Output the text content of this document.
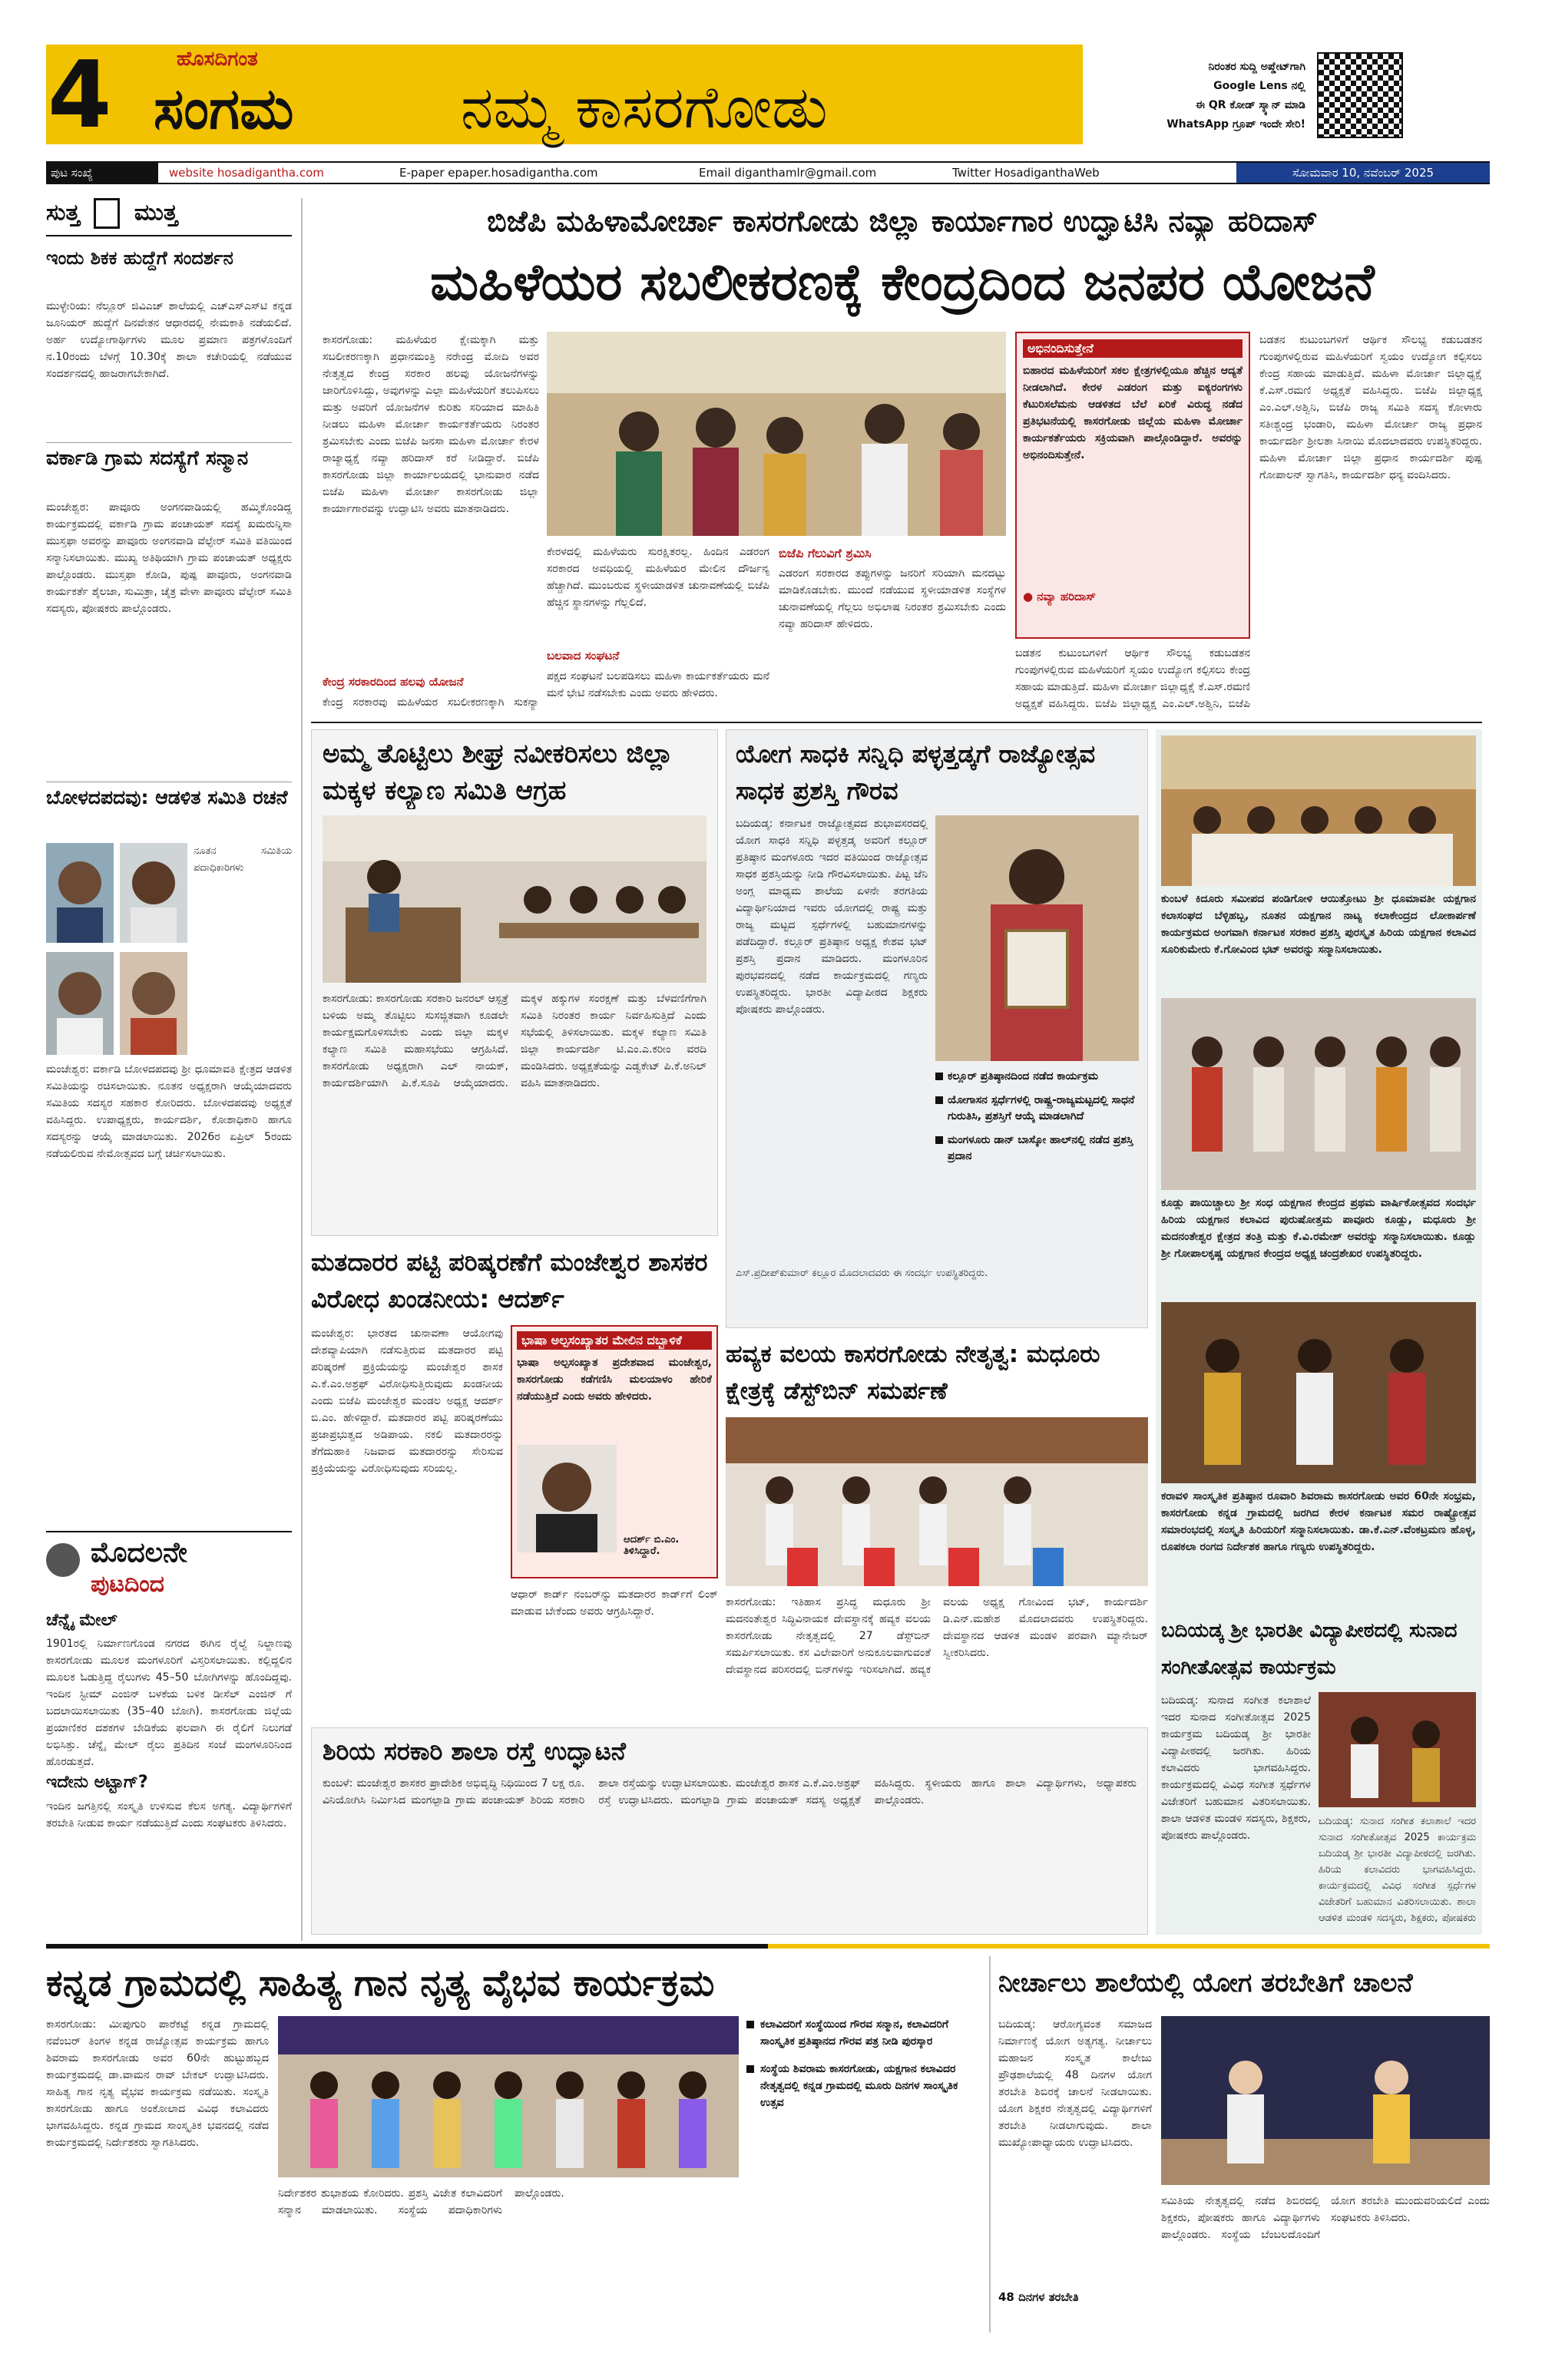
4	ಹೊಸದಿಗಂತ
ಸಂಗಮ	ನಮ್ಮ ಕಾಸರಗೋಡು
ನಿರಂತರ ಸುದ್ದಿ ಅಪ್ಡೇಟ್‌ಗಾಗಿ
Google Lens ನಲ್ಲಿ
ಈ QR ಕೋಡ್ ಸ್ಕ್ಯಾನ್ ಮಾಡಿ
WhatsApp ಗ್ರೂಪ್ ಇಂದೇ ಸೇರಿ!
ಪುಟ ಸಂಖ್ಯೆ	website hosadigantha.com	E-paper epaper.hosadigantha.com	Email diganthamlr@gmail.com	Twitter HosadiganthaWeb	ಸೋಮವಾರ 10, ನವೆಂಬರ್ 2025
ಸುತ್ತ ಮುತ್ತ
ಇಂದು ಶಿಕಕ ಹುದ್ದೆಗೆ ಸಂದರ್ಶನ
ಮುಳ್ಳೇರಿಯ: ನೆಲ್ಲೂರ್ ಜಿವಿಎಚ್ ಶಾಲೆಯಲ್ಲಿ ಎಚ್‌ಎಸ್‌ಎಸ್‌ಟಿ ಕನ್ನಡ ಜೂನಿಯರ್ ಹುದ್ದೆಗೆ ದಿನವೇತನ ಆಧಾರದಲ್ಲಿ ನೇಮಕಾತಿ ನಡೆಯಲಿದೆ. ಅರ್ಹ ಉದ್ಯೋಗಾರ್ಥಿಗಳು ಮೂಲ ಪ್ರಮಾಣ ಪತ್ರಗಳೊಂದಿಗೆ ನ.10ರಂದು ಬೆಳಗ್ಗೆ 10.30ಕ್ಕೆ ಶಾಲಾ ಕಚೇರಿಯಲ್ಲಿ ನಡೆಯುವ ಸಂದರ್ಶನದಲ್ಲಿ ಹಾಜರಾಗಬೇಕಾಗಿದೆ.
ವರ್ಕಾಡಿ ಗ್ರಾಮ ಸದಸ್ಯೆಗೆ ಸನ್ಮಾನ
ಮಂಜೇಶ್ವರ: ಪಾವೂರು ಅಂಗನವಾಡಿಯಲ್ಲಿ ಹಮ್ಮಿಕೊಂಡಿದ್ದ ಕಾರ್ಯಕ್ರಮದಲ್ಲಿ ವರ್ಕಾಡಿ ಗ್ರಾಮ ಪಂಚಾಯತ್ ಸದಸ್ಯೆ ಖಮರುನ್ನಿಸಾ ಮುಸ್ತಫಾ ಅವರನ್ನು ಪಾವೂರು ಅಂಗನವಾಡಿ ವೆಲ್ಫೇರ್ ಸಮಿತಿ ವತಿಯಿಂದ ಸನ್ಮಾನಿಸಲಾಯಿತು. ಮುಖ್ಯ ಅತಿಥಿಯಾಗಿ ಗ್ರಾಮ ಪಂಚಾಯತ್ ಅಧ್ಯಕ್ಷರು ಪಾಲ್ಗೊಂಡರು. ಮುಸ್ತಫಾ ಕೋಡಿ, ಪುಷ್ಪ ಪಾವೂರು, ಅಂಗನವಾಡಿ ಕಾರ್ಯಕರ್ತೆ ಶೈಲಜಾ, ಸುಮಿತ್ರಾ, ಚೈತ್ರ ವೇಳಾ ಪಾವೂರು ವೆಲ್ಫೇರ್ ಸಮಿತಿ ಸದಸ್ಯರು, ಪೋಷಕರು ಪಾಲ್ಗೊಂಡರು.
ಬೋಳದಪದವು: ಆಡಳಿತ ಸಮಿತಿ ರಚನೆ
ನೂತನ ಸಮಿತಿಯ ಪದಾಧಿಕಾರಿಗಳು
ಮಂಜೇಶ್ವರ: ವರ್ಕಾಡಿ ಬೋಳದಪದವು ಶ್ರೀ ಧೂಮಾವತಿ ಕ್ಷೇತ್ರದ ಆಡಳಿತ ಸಮಿತಿಯನ್ನು ರಚಿಸಲಾಯಿತು. ನೂತನ ಅಧ್ಯಕ್ಷರಾಗಿ ಆಯ್ಕೆಯಾದವರು ಸಮಿತಿಯ ಸದಸ್ಯರ ಸಹಕಾರ ಕೋರಿದರು. ಬೋಳದಪದವು ಅಧ್ಯಕ್ಷತೆ ವಹಿಸಿದ್ದರು. ಉಪಾಧ್ಯಕ್ಷರು, ಕಾರ್ಯದರ್ಶಿ, ಕೋಶಾಧಿಕಾರಿ ಹಾಗೂ ಸದಸ್ಯರನ್ನು ಆಯ್ಕೆ ಮಾಡಲಾಯಿತು. 2026ರ ಏಪ್ರಿಲ್ 5ರಂದು ನಡೆಯಲಿರುವ ನೇಮೋತ್ಸವದ ಬಗ್ಗೆ ಚರ್ಚಿಸಲಾಯಿತು.
ಮೊದಲನೇ
ಪುಟದಿಂದ
ಚೆನ್ನೈ ಮೇಲ್
1901ರಲ್ಲಿ ನಿರ್ಮಾಣಗೊಂಡ ನಗರದ ಈಗಿನ ರೈಲ್ವೆ ನಿಲ್ದಾಣವು ಕಾಸರಗೋಡು ಮೂಲಕ ಮಂಗಳೂರಿಗೆ ವಿಸ್ತರಿಸಲಾಯಿತು. ಕಲ್ಲಿದ್ದಲಿನ ಮೂಲಕ ಓಡುತ್ತಿದ್ದ ರೈಲುಗಳು 45–50 ಬೋಗಿಗಳನ್ನು ಹೊಂದಿದ್ದವು. ಇಂದಿನ ಸ್ಟೀಮ್ ಎಂಜಿನ್ ಬಳಕೆಯ ಬಳಿಕ ಡೀಸೆಲ್ ಎಂಜಿನ್ ಗೆ ಬದಲಾಯಿಸಲಾಯಿತು (35–40 ಬೋಗಿ). ಕಾಸರಗೋಡು ಜಿಲ್ಲೆಯ ಪ್ರಯಾಣಿಕರ ದಶಕಗಳ ಬೇಡಿಕೆಯ ಫಲವಾಗಿ ಈ ರೈಲಿಗೆ ನಿಲುಗಡೆ ಲಭಿಸಿತ್ತು. ಚೆನ್ನೈ ಮೇಲ್ ರೈಲು ಪ್ರತಿದಿನ ಸಂಜೆ ಮಂಗಳೂರಿನಿಂದ ಹೊರಡುತ್ತದೆ.
ಇದೇನು ಅಟ್ಟಾಗ್?
ಇಂದಿನ ಜಗತ್ತಿನಲ್ಲಿ ಸಂಸ್ಕೃತಿ ಉಳಿಸುವ ಕೆಲಸ ಅಗತ್ಯ. ವಿದ್ಯಾರ್ಥಿಗಳಿಗೆ ತರಬೇತಿ ನೀಡುವ ಕಾರ್ಯ ನಡೆಯುತ್ತಿದೆ ಎಂದು ಸಂಘಟಕರು ತಿಳಿಸಿದರು.
ಬಿಜೆಪಿ ಮಹಿಳಾಮೋರ್ಚಾ ಕಾಸರಗೋಡು ಜಿಲ್ಲಾ ಕಾರ್ಯಾಗಾರ ಉದ್ಘಾಟಿಸಿ ನವ್ಯಾ ಹರಿದಾಸ್
ಮಹಿಳೆಯರ ಸಬಲೀಕರಣಕ್ಕೆ ಕೇಂದ್ರದಿಂದ ಜನಪರ ಯೋಜನೆ
ಕಾಸರಗೋಡು: ಮಹಿಳೆಯರ ಕ್ಷೇಮಕ್ಕಾಗಿ ಮತ್ತು ಸಬಲೀಕರಣಕ್ಕಾಗಿ ಪ್ರಧಾನಮಂತ್ರಿ ನರೇಂದ್ರ ಮೋದಿ ಅವರ ನೇತೃತ್ವದ ಕೇಂದ್ರ ಸರಕಾರ ಹಲವು ಯೋಜನೆಗಳನ್ನು ಜಾರಿಗೊಳಿಸಿದ್ದು, ಅವುಗಳನ್ನು ಎಲ್ಲಾ ಮಹಿಳೆಯರಿಗೆ ತಲುಪಿಸಲು ಮತ್ತು ಅವರಿಗೆ ಯೋಜನೆಗಳ ಕುರಿತು ಸರಿಯಾದ ಮಾಹಿತಿ ನೀಡಲು ಮಹಿಳಾ ಮೋರ್ಚಾ ಕಾರ್ಯಕರ್ತೆಯರು ನಿರಂತರ ಶ್ರಮಿಸಬೇಕು ಎಂದು ಬಿಜೆಪಿ ಜನಸಾ ಮಹಿಳಾ ಮೋರ್ಚಾ ಕೇರಳ ರಾಜ್ಯಾಧ್ಯಕ್ಷೆ ನವ್ಯಾ ಹರಿದಾಸ್ ಕರೆ ನೀಡಿದ್ದಾರೆ. ಬಿಜೆಪಿ ಕಾಸರಗೋಡು ಜಿಲ್ಲಾ ಕಾರ್ಯಾಲಯದಲ್ಲಿ ಭಾನುವಾರ ನಡೆದ ಬಿಜೆಪಿ ಮಹಿಳಾ ಮೋರ್ಚಾ ಕಾಸರಗೋಡು ಜಿಲ್ಲಾ ಕಾರ್ಯಾಗಾರವನ್ನು ಉದ್ಘಾಟಿಸಿ ಅವರು ಮಾತನಾಡಿದರು.
ಕೇಂದ್ರ ಸರಕಾರದಿಂದ ಹಲವು ಯೋಜನೆ
ಕೇಂದ್ರ ಸರಕಾರವು ಮಹಿಳೆಯರ ಸಬಲೀಕರಣಕ್ಕಾಗಿ ಸುಕನ್ಯಾ
ಕೇರಳದಲ್ಲಿ ಮಹಿಳೆಯರು ಸುರಕ್ಷಿತರಲ್ಲ. ಹಿಂದಿನ ಎಡರಂಗ ಸರಕಾರದ ಅವಧಿಯಲ್ಲಿ ಮಹಿಳೆಯರ ಮೇಲಿನ ದೌರ್ಜನ್ಯ ಹೆಚ್ಚಾಗಿದೆ. ಮುಂಬರುವ ಸ್ಥಳೀಯಾಡಳಿತ ಚುನಾವಣೆಯಲ್ಲಿ ಬಿಜೆಪಿ ಹೆಚ್ಚಿನ ಸ್ಥಾನಗಳನ್ನು ಗೆಲ್ಲಲಿದೆ.
ಬಲವಾದ ಸಂಘಟನೆ
ಪಕ್ಷದ ಸಂಘಟನೆ ಬಲಪಡಿಸಲು ಮಹಿಳಾ ಕಾರ್ಯಕರ್ತೆಯರು ಮನೆ ಮನೆ ಭೇಟಿ ನಡೆಸಬೇಕು ಎಂದು ಅವರು ಹೇಳಿದರು.
ಬಿಜೆಪಿ ಗೆಲುವಿಗೆ ಶ್ರಮಿಸಿ
ಎಡರಂಗ ಸರಕಾರದ ತಪ್ಪುಗಳನ್ನು ಜನರಿಗೆ ಸರಿಯಾಗಿ ಮನದಟ್ಟು ಮಾಡಿಕೊಡಬೇಕು. ಮುಂದೆ ನಡೆಯುವ ಸ್ಥಳೀಯಾಡಳಿತ ಸಂಸ್ಥೆಗಳ ಚುನಾವಣೆಯಲ್ಲಿ ಗೆಲ್ಲಲು ಅಭಿಲಾಷ ನಿರಂತರ ಶ್ರಮಿಸಬೇಕು ಎಂದು ನವ್ಯಾ ಹರಿದಾಸ್ ಹೇಳಿದರು.
ಅಭಿನಂದಿಸುತ್ತೇನೆ
ಬಿಹಾರದ ಮಹಿಳೆಯರಿಗೆ ಸಕಲ ಕ್ಷೇತ್ರಗಳಲ್ಲಿಯೂ ಹೆಚ್ಚಿನ ಆದ್ಯತೆ ನೀಡಲಾಗಿದೆ. ಕೇರಳ ಎಡರಂಗ ಮತ್ತು ಐಕ್ಯರಂಗಗಳು ಕೆಟುರಿಸಲೆಮನು ಆಡಳಿತದ ಬೆಲೆ ಏರಿಕೆ ವಿರುದ್ಧ ನಡೆದ ಪ್ರತಿಭಟನೆಯಲ್ಲಿ ಕಾಸರಗೋಡು ಜಿಲ್ಲೆಯ ಮಹಿಳಾ ಮೋರ್ಚಾ ಕಾರ್ಯಕರ್ತೆಯರು ಸಕ್ರಿಯವಾಗಿ ಪಾಲ್ಗೊಂಡಿದ್ದಾರೆ. ಅವರನ್ನು ಅಭಿನಂದಿಸುತ್ತೇನೆ.
● ನವ್ಯಾ ಹರಿದಾಸ್
ಬಡತನ ಕುಟುಂಬಗಳಿಗೆ ಆರ್ಥಿಕ ಸೌಲಭ್ಯ ಕಡುಬಡತನ ಗುಂಪುಗಳಲ್ಲಿರುವ ಮಹಿಳೆಯರಿಗೆ ಸ್ವಯಂ ಉದ್ಯೋಗ ಕಲ್ಪಿಸಲು ಕೇಂದ್ರ ಸಹಾಯ ಮಾಡುತ್ತಿದೆ. ಮಹಿಳಾ ಮೋರ್ಚಾ ಜಿಲ್ಲಾಧ್ಯಕ್ಷೆ ಕೆ.ಎಸ್.ರಮಣಿ ಅಧ್ಯಕ್ಷತೆ ವಹಿಸಿದ್ದರು. ಬಿಜೆಪಿ ಜಿಲ್ಲಾಧ್ಯಕ್ಷ ಎಂ.ಎಲ್.ಅಶ್ವಿನಿ, ಬಿಜೆಪಿ
ಬಡತನ ಕುಟುಂಬಗಳಿಗೆ ಆರ್ಥಿಕ ಸೌಲಭ್ಯ ಕಡುಬಡತನ ಗುಂಪುಗಳಲ್ಲಿರುವ ಮಹಿಳೆಯರಿಗೆ ಸ್ವಯಂ ಉದ್ಯೋಗ ಕಲ್ಪಿಸಲು ಕೇಂದ್ರ ಸಹಾಯ ಮಾಡುತ್ತಿದೆ. ಮಹಿಳಾ ಮೋರ್ಚಾ ಜಿಲ್ಲಾಧ್ಯಕ್ಷೆ ಕೆ.ಎಸ್.ರಮಣಿ ಅಧ್ಯಕ್ಷತೆ ವಹಿಸಿದ್ದರು. ಬಿಜೆಪಿ ಜಿಲ್ಲಾಧ್ಯಕ್ಷ ಎಂ.ಎಲ್.ಅಶ್ವಿನಿ, ಬಿಜೆಪಿ ರಾಜ್ಯ ಸಮಿತಿ ಸದಸ್ಯ ಕೋಳಾರು ಸತೀಶ್ಚಂದ್ರ ಭಂಡಾರಿ, ಮಹಿಳಾ ಮೋರ್ಚಾ ರಾಜ್ಯ ಪ್ರಧಾನ ಕಾರ್ಯದರ್ಶಿ ಶ್ರೀಲತಾ ಸಿನಾಯಿ ಮೊದಲಾದವರು ಉಪಸ್ಥಿತರಿದ್ದರು. ಮಹಿಳಾ ಮೋರ್ಚಾ ಜಿಲ್ಲಾ ಪ್ರಧಾನ ಕಾರ್ಯದರ್ಶಿ ಪುಷ್ಪ ಗೋಪಾಲನ್ ಸ್ವಾಗತಿಸಿ, ಕಾರ್ಯದರ್ಶಿ ಧನ್ಯ ವಂದಿಸಿದರು.
ಅಮ್ಮ ತೊಟ್ಟಿಲು ಶೀಘ್ರ ನವೀಕರಿಸಲು ಜಿಲ್ಲಾ ಮಕ್ಕಳ ಕಲ್ಯಾಣ ಸಮಿತಿ ಆಗ್ರಹ
ಕಾಸರಗೋಡು: ಕಾಸರಗೋಡು ಸರಕಾರಿ ಜನರಲ್ ಆಸ್ಪತ್ರೆ ಬಳಿಯ ಅಮ್ಮ ತೊಟ್ಟಿಲು ಸುಸಜ್ಜಿತವಾಗಿ ಕೂಡಲೇ ಕಾರ್ಯಕ್ಷಮಗೊಳಿಸಬೇಕು ಎಂದು ಜಿಲ್ಲಾ ಮಕ್ಕಳ ಕಲ್ಯಾಣ ಸಮಿತಿ ಮಹಾಸಭೆಯು ಆಗ್ರಹಿಸಿದೆ. ಕಾಸರಗೋಡು ಅಧ್ಯಕ್ಷರಾಗಿ ಎಲ್ ನಾಯಕ್, ಕಾರ್ಯದರ್ಶಿಯಾಗಿ ಪಿ.ಕೆ.ಸೂಪಿ ಆಯ್ಕೆಯಾದರು. ಮಕ್ಕಳ ಹಕ್ಕುಗಳ ಸಂರಕ್ಷಣೆ ಮತ್ತು ಬೆಳವಣಿಗೆಗಾಗಿ ಸಮಿತಿ ನಿರಂತರ ಕಾರ್ಯ ನಿರ್ವಹಿಸುತ್ತಿದೆ ಎಂದು ಸಭೆಯಲ್ಲಿ ತಿಳಿಸಲಾಯಿತು. ಮಕ್ಕಳ ಕಲ್ಯಾಣ ಸಮಿತಿ ಜಿಲ್ಲಾ ಕಾರ್ಯದರ್ಶಿ ಟಿ.ಎಂ.ಎ.ಕರೀಂ ವರದಿ ಮಂಡಿಸಿದರು. ಅಧ್ಯಕ್ಷತೆಯನ್ನು ಎಡ್ವಕೇಟ್ ಪಿ.ಕೆ.ಅನಿಲ್ ವಹಿಸಿ ಮಾತನಾಡಿದರು.
ಮತದಾರರ ಪಟ್ಟಿ ಪರಿಷ್ಕರಣೆಗೆ ಮಂಜೇಶ್ವರ ಶಾಸಕರ ವಿರೋಧ ಖಂಡನೀಯ: ಆದರ್ಶ್
ಮಂಜೇಶ್ವರ: ಭಾರತದ ಚುನಾವಣಾ ಆಯೋಗವು ದೇಶವ್ಯಾಪಿಯಾಗಿ ನಡೆಸುತ್ತಿರುವ ಮತದಾರರ ಪಟ್ಟಿ ಪರಿಷ್ಕರಣೆ ಪ್ರಕ್ರಿಯೆಯನ್ನು ಮಂಜೇಶ್ವರ ಶಾಸಕ ಎ.ಕೆ.ಎಂ.ಅಶ್ರಫ್ ವಿರೋಧಿಸುತ್ತಿರುವುದು ಖಂಡನೀಯ ಎಂದು ಬಿಜೆಪಿ ಮಂಜೇಶ್ವರ ಮಂಡಲ ಅಧ್ಯಕ್ಷ ಆದರ್ಶ್ ಬಿ.ಎಂ. ಹೇಳಿದ್ದಾರೆ. ಮತದಾರರ ಪಟ್ಟಿ ಪರಿಷ್ಕರಣೆಯು ಪ್ರಜಾಪ್ರಭುತ್ವದ ಅಡಿಪಾಯ. ನಕಲಿ ಮತದಾರರನ್ನು ತೆಗೆದುಹಾಕಿ ನಿಜವಾದ ಮತದಾರರನ್ನು ಸೇರಿಸುವ ಪ್ರಕ್ರಿಯೆಯನ್ನು ವಿರೋಧಿಸುವುದು ಸರಿಯಲ್ಲ.
ಭಾಷಾ ಅಲ್ಪಸಂಖ್ಯಾತರ ಮೇಲಿನ ದಬ್ಬಾಳಿಕೆ
ಭಾಷಾ ಅಲ್ಪಸಂಖ್ಯಾತ ಪ್ರದೇಶವಾದ ಮಂಜೇಶ್ವರ, ಕಾಸರಗೋಡು ಕಡೆಗಣಿಸಿ ಮಲಯಾಳಂ ಹೇರಿಕೆ ನಡೆಯುತ್ತಿದೆ ಎಂದು ಅವರು ಹೇಳಿದರು.
ಆದರ್ಶ್ ಬಿ.ಎಂ. ತಿಳಿಸಿದ್ದಾರೆ.
ಆಧಾರ್ ಕಾರ್ಡ್ ನಂಬರ್‌ನ್ನು ಮತದಾರರ ಕಾರ್ಡ್‌ಗೆ ಲಿಂಕ್ ಮಾಡುವ ಬೇಕೆಂದು ಅವರು ಆಗ್ರಹಿಸಿದ್ದಾರೆ.
ಶಿರಿಯ ಸರಕಾರಿ ಶಾಲಾ ರಸ್ತೆ ಉದ್ಘಾಟನೆ
ಕುಂಬಳೆ: ಮಂಜೇಶ್ವರ ಶಾಸಕರ ಪ್ರಾದೇಶಿಕ ಅಭಿವೃದ್ಧಿ ನಿಧಿಯಿಂದ 7 ಲಕ್ಷ ರೂ. ವಿನಿಯೋಗಿಸಿ ನಿರ್ಮಿಸಿದ ಮಂಗಲ್ಪಾಡಿ ಗ್ರಾಮ ಪಂಚಾಯತ್ ಶಿರಿಯ ಸರಕಾರಿ ಶಾಲಾ ರಸ್ತೆಯನ್ನು ಉದ್ಘಾಟಿಸಲಾಯಿತು. ಮಂಜೇಶ್ವರ ಶಾಸಕ ಎ.ಕೆ.ಎಂ.ಅಶ್ರಫ್ ರಸ್ತೆ ಉದ್ಘಾಟಿಸಿದರು. ಮಂಗಲ್ಪಾಡಿ ಗ್ರಾಮ ಪಂಚಾಯತ್ ಸದಸ್ಯ ಅಧ್ಯಕ್ಷತೆ ವಹಿಸಿದ್ದರು. ಸ್ಥಳೀಯರು ಹಾಗೂ ಶಾಲಾ ವಿದ್ಯಾರ್ಥಿಗಳು, ಅಧ್ಯಾಪಕರು ಪಾಲ್ಗೊಂಡರು.
ಯೋಗ ಸಾಧಕಿ ಸನ್ನಿಧಿ ಪಳ್ಳತ್ತಡ್ಕಗೆ ರಾಜ್ಯೋತ್ಸವ ಸಾಧಕ ಪ್ರಶಸ್ತಿ ಗೌರವ
ಬದಿಯಡ್ಕ: ಕರ್ನಾಟಕ ರಾಜ್ಯೋತ್ಸವದ ಶುಭಾವಸರದಲ್ಲಿ ಯೋಗ ಸಾಧಕಿ ಸನ್ನಿಧಿ ಪಳ್ಳತ್ತಡ್ಕ ಅವರಿಗೆ ಕಲ್ಲೂರ್ ಪ್ರತಿಷ್ಠಾನ ಮಂಗಳೂರು ಇದರ ವತಿಯಿಂದ ರಾಜ್ಯೋತ್ಸವ ಸಾಧಕ ಪ್ರಶಸ್ತಿಯನ್ನು ನೀಡಿ ಗೌರವಿಸಲಾಯಿತು. ಪಿಟ್ಟ ಜೆನಿ ಅಂಗ್ಲ ಮಾಧ್ಯಮ ಶಾಲೆಯ ಏಳನೇ ತರಗತಿಯ ವಿದ್ಯಾರ್ಥಿನಿಯಾದ ಇವರು ಯೋಗದಲ್ಲಿ ರಾಷ್ಟ್ರ ಮತ್ತು ರಾಜ್ಯ ಮಟ್ಟದ ಸ್ಪರ್ಧೆಗಳಲ್ಲಿ ಬಹುಮಾನಗಳನ್ನು ಪಡೆದಿದ್ದಾರೆ. ಕಲ್ಲೂರ್ ಪ್ರತಿಷ್ಠಾನ ಅಧ್ಯಕ್ಷ ಕೇಶವ ಭಟ್ ಪ್ರಶಸ್ತಿ ಪ್ರದಾನ ಮಾಡಿದರು. ಮಂಗಳೂರಿನ ಪುರಭವನದಲ್ಲಿ ನಡೆದ ಕಾರ್ಯಕ್ರಮದಲ್ಲಿ ಗಣ್ಯರು ಉಪಸ್ಥಿತರಿದ್ದರು. ಭಾರತೀ ವಿದ್ಯಾಪೀಠದ ಶಿಕ್ಷಕರು ಪೋಷಕರು ಪಾಲ್ಗೊಂಡರು.
ಕಲ್ಲೂರ್ ಪ್ರತಿಷ್ಠಾನದಿಂದ ನಡೆದ ಕಾರ್ಯಕ್ರಮ
ಯೋಗಾಸನ ಸ್ಪರ್ಧೆಗಳಲ್ಲಿ ರಾಷ್ಟ್ರ-ರಾಜ್ಯಮಟ್ಟದಲ್ಲಿ ಸಾಧನೆ ಗುರುತಿಸಿ, ಪ್ರಶಸ್ತಿಗೆ ಆಯ್ಕೆ ಮಾಡಲಾಗಿದೆ
ಮಂಗಳೂರು ಡಾನ್ ಬಾಸ್ಕೋ ಹಾಲ್‌ನಲ್ಲಿ ನಡೆದ ಪ್ರಶಸ್ತಿ ಪ್ರದಾನ
ಎಸ್.ಪ್ರದೀಪ್‌ಕುಮಾರ್ ಕಲ್ಲೂರ ಮೊದಲಾದವರು ಈ ಸಂದರ್ಭ ಉಪಸ್ಥಿತರಿದ್ದರು.
ಹವ್ಯಕ ವಲಯ ಕಾಸರಗೋಡು ನೇತೃತ್ವ: ಮಧೂರು ಕ್ಷೇತ್ರಕ್ಕೆ ಡೆಸ್ಟ್‌ಬಿನ್ ಸಮರ್ಪಣೆ
ಕಾಸರಗೋಡು: ಇತಿಹಾಸ ಪ್ರಸಿದ್ಧ ಮಧೂರು ಶ್ರೀ ಮದನಂತೇಶ್ವರ ಸಿದ್ಧಿವಿನಾಯಕ ದೇವಸ್ಥಾನಕ್ಕೆ ಹವ್ಯಕ ವಲಯ ಕಾಸರಗೋಡು ನೇತೃತ್ವದಲ್ಲಿ 27 ಡೆಸ್ಟ್‌ಬಿನ್ ಸಮರ್ಪಿಸಲಾಯಿತು. ಕಸ ವಿಲೇವಾರಿಗೆ ಅನುಕೂಲವಾಗುವಂತೆ ದೇವಸ್ಥಾನದ ಪರಿಸರದಲ್ಲಿ ಬಿನ್‌ಗಳನ್ನು ಇರಿಸಲಾಗಿದೆ. ಹವ್ಯಕ ವಲಯ ಅಧ್ಯಕ್ಷ ಗೋವಿಂದ ಭಟ್, ಕಾರ್ಯದರ್ಶಿ ಡಿ.ಎನ್.ಮಹೇಶ ಮೊದಲಾದವರು ಉಪಸ್ಥಿತರಿದ್ದರು. ದೇವಸ್ಥಾನದ ಆಡಳಿತ ಮಂಡಳಿ ಪರವಾಗಿ ಮ್ಯಾನೇಜರ್ ಸ್ವೀಕರಿಸಿದರು.
ಕುಂಬಳೆ ಕಿದೂರು ಸಮೀಪದ ಪಂಡಿಗೋಳಿ ಆಯಿತ್ತೋಟು ಶ್ರೀ ಧೂಮಾವತೀ ಯಕ್ಷಗಾನ ಕಲಾಸಂಘದ ಬೆಳ್ಳಿಹಬ್ಬ, ನೂತನ ಯಕ್ಷಗಾನ ನಾಟ್ಯ ಕಲಾಕೇಂದ್ರದ ಲೋಕಾರ್ಪಣೆ ಕಾರ್ಯಕ್ರಮದ ಅಂಗವಾಗಿ ಕರ್ನಾಟಕ ಸರಕಾರ ಪ್ರಶಸ್ತಿ ಪುರಸ್ಕೃತ ಹಿರಿಯ ಯಕ್ಷಗಾನ ಕಲಾವಿದ ಸೂರಿಕುಮೇರು ಕೆ.ಗೋವಿಂದ ಭಟ್ ಅವರನ್ನು ಸನ್ಮಾನಿಸಲಾಯಿತು.
ಕೂಡ್ಲು ಪಾಯಿಚ್ಚಾಲು ಶ್ರೀ ಸಂಧ ಯಕ್ಷಗಾನ ಕೇಂದ್ರದ ಪ್ರಥಮ ವಾರ್ಷಿಕೋತ್ಸವದ ಸಂದರ್ಭ ಹಿರಿಯ ಯಕ್ಷಗಾನ ಕಲಾವಿದ ಪುರುಷೋತ್ತಮ ಪಾವೂರು ಕೂಡ್ಲು, ಮಧೂರು ಶ್ರೀ ಮದನಂತೇಶ್ವರ ಕ್ಷೇತ್ರದ ತಂತ್ರಿ ಮತ್ತು ಕೆ.ವಿ.ರಮೇಶ್ ಅವರನ್ನು ಸನ್ಮಾನಿಸಲಾಯಿತು. ಕೂಡ್ಲು ಶ್ರೀ ಗೋಪಾಲಕೃಷ್ಣ ಯಕ್ಷಗಾನ ಕೇಂದ್ರದ ಅಧ್ಯಕ್ಷ ಚಂದ್ರಶೇಖರ ಉಪಸ್ಥಿತರಿದ್ದರು.
ಕರಾವಳಿ ಸಾಂಸ್ಕೃತಿಕ ಪ್ರತಿಷ್ಠಾನ ರೂವಾರಿ ಶಿವರಾಮ ಕಾಸರಗೋಡು ಅವರ 60ನೇ ಸಂಭ್ರಮ, ಕಾಸರಗೋಡು ಕನ್ನಡ ಗ್ರಾಮದಲ್ಲಿ ಜರಗಿದ ಕೇರಳ ಕರ್ನಾಟಕ ಸಮರ ರಾಷ್ಟ್ರೋತ್ಸವ ಸಮಾರಂಭದಲ್ಲಿ ಸಂಸ್ಕೃತಿ ಹಿರಿಯರಿಗೆ ಸನ್ಮಾನಿಸಲಾಯಿತು. ಡಾ.ಕೆ.ಎನ್.ವೆಂಕಟ್ರಮಣ ಹೊಳ್ಳ, ರೂಪಕಲಾ ರಂಗದ ನಿರ್ದೇಶಕ ಹಾಗೂ ಗಣ್ಯರು ಉಪಸ್ಥಿತರಿದ್ದರು.
ಬದಿಯಡ್ಕ ಶ್ರೀ ಭಾರತೀ ವಿದ್ಯಾಪೀಠದಲ್ಲಿ ಸುನಾದ ಸಂಗೀತೋತ್ಸವ ಕಾರ್ಯಕ್ರಮ
ಬದಿಯಡ್ಕ: ಸುನಾದ ಸಂಗೀತ ಕಲಾಶಾಲೆ ಇದರ ಸುನಾದ ಸಂಗೀತೋತ್ಸವ 2025 ಕಾರ್ಯಕ್ರಮ ಬದಿಯಡ್ಕ ಶ್ರೀ ಭಾರತೀ ವಿದ್ಯಾಪೀಠದಲ್ಲಿ ಜರಗಿತು. ಹಿರಿಯ ಕಲಾವಿದರು ಭಾಗವಹಿಸಿದ್ದರು. ಕಾರ್ಯಕ್ರಮದಲ್ಲಿ ವಿವಿಧ ಸಂಗೀತ ಸ್ಪರ್ಧೆಗಳ ವಿಜೇತರಿಗೆ ಬಹುಮಾನ ವಿತರಿಸಲಾಯಿತು. ಶಾಲಾ ಆಡಳಿತ ಮಂಡಳಿ ಸದಸ್ಯರು, ಶಿಕ್ಷಕರು, ಪೋಷಕರು ಪಾಲ್ಗೊಂಡರು.
ಬದಿಯಡ್ಕ: ಸುನಾದ ಸಂಗೀತ ಕಲಾಶಾಲೆ ಇದರ ಸುನಾದ ಸಂಗೀತೋತ್ಸವ 2025 ಕಾರ್ಯಕ್ರಮ ಬದಿಯಡ್ಕ ಶ್ರೀ ಭಾರತೀ ವಿದ್ಯಾಪೀಠದಲ್ಲಿ ಜರಗಿತು. ಹಿರಿಯ ಕಲಾವಿದರು ಭಾಗವಹಿಸಿದ್ದರು. ಕಾರ್ಯಕ್ರಮದಲ್ಲಿ ವಿವಿಧ ಸಂಗೀತ ಸ್ಪರ್ಧೆಗಳ ವಿಜೇತರಿಗೆ ಬಹುಮಾನ ವಿತರಿಸಲಾಯಿತು. ಶಾಲಾ ಆಡಳಿತ ಮಂಡಳಿ ಸದಸ್ಯರು, ಶಿಕ್ಷಕರು, ಪೋಷಕರು
ಕನ್ನಡ ಗ್ರಾಮದಲ್ಲಿ ಸಾಹಿತ್ಯ ಗಾನ ನೃತ್ಯ ವೈಭವ ಕಾರ್ಯಕ್ರಮ
ಕಾಸರಗೋಡು: ಮೀಪುಗುರಿ ಪಾರೆಕಟ್ಟೆ ಕನ್ನಡ ಗ್ರಾಮದಲ್ಲಿ ನವೆಂಬರ್ ತಿಂಗಳ ಕನ್ನಡ ರಾಜ್ಯೋತ್ಸವ ಕಾರ್ಯಕ್ರಮ ಹಾಗೂ ಶಿವರಾಮ ಕಾಸರಗೋಡು ಅವರ 60ನೇ ಹುಟ್ಟುಹಬ್ಬದ ಕಾರ್ಯಕ್ರಮದಲ್ಲಿ ಡಾ.ವಾಮನ ರಾವ್ ಬೇಕಲ್ ಉದ್ಘಾಟಿಸಿದರು. ಸಾಹಿತ್ಯ ಗಾನ ನೃತ್ಯ ವೈಭವ ಕಾರ್ಯಕ್ರಮ ನಡೆಯಿತು. ಸಂಸ್ಕೃತಿ ಕಾಸರಗೋಡು ಹಾಗೂ ಅಂಕೋಲಾದ ವಿವಿಧ ಕಲಾವಿದರು ಭಾಗವಹಿಸಿದ್ದರು. ಕನ್ನಡ ಗ್ರಾಮದ ಸಾಂಸ್ಕೃತಿಕ ಭವನದಲ್ಲಿ ನಡೆದ ಕಾರ್ಯಕ್ರಮದಲ್ಲಿ ನಿರ್ದೇಶಕರು ಸ್ವಾಗತಿಸಿದರು.
ನಿರ್ದೇಶಕರ ಶುಭಾಶಯ ಕೋರಿದರು. ಪ್ರಶಸ್ತಿ ವಿಜೇತ ಕಲಾವಿದರಿಗೆ ಸನ್ಮಾನ ಮಾಡಲಾಯಿತು. ಸಂಸ್ಥೆಯ ಪದಾಧಿಕಾರಿಗಳು ಪಾಲ್ಗೊಂಡರು.
ಕಲಾವಿದರಿಗೆ ಸಂಸ್ಥೆಯಿಂದ ಗೌರವ ಸನ್ಮಾನ, ಕಲಾವಿದರಿಗೆ ಸಾಂಸ್ಕೃತಿಕ ಪ್ರತಿಷ್ಠಾನದ ಗೌರವ ಪತ್ರ ನೀಡಿ ಪುರಸ್ಕಾರ
ಸಂಸ್ಥೆಯ ಶಿವರಾಮ ಕಾಸರಗೋಡು, ಯಕ್ಷಗಾನ ಕಲಾವಿದರ ನೇತೃತ್ವದಲ್ಲಿ ಕನ್ನಡ ಗ್ರಾಮದಲ್ಲಿ ಮೂರು ದಿನಗಳ ಸಾಂಸ್ಕೃತಿಕ ಉತ್ಸವ
ನೀರ್ಚಾಲು ಶಾಲೆಯಲ್ಲಿ ಯೋಗ ತರಬೇತಿಗೆ ಚಾಲನೆ
ಬದಿಯಡ್ಕ: ಆರೋಗ್ಯವಂತ ಸಮಾಜದ ನಿರ್ಮಾಣಕ್ಕೆ ಯೋಗ ಅತ್ಯಗತ್ಯ. ನೀರ್ಚಾಲು ಮಹಾಜನ ಸಂಸ್ಕೃತ ಕಾಲೇಜು ಪ್ರೌಢಶಾಲೆಯಲ್ಲಿ 48 ದಿನಗಳ ಯೋಗ ತರಬೇತಿ ಶಿಬಿರಕ್ಕೆ ಚಾಲನೆ ನೀಡಲಾಯಿತು. ಯೋಗ ಶಿಕ್ಷಕರ ನೇತೃತ್ವದಲ್ಲಿ ವಿದ್ಯಾರ್ಥಿಗಳಿಗೆ ತರಬೇತಿ ನೀಡಲಾಗುವುದು. ಶಾಲಾ ಮುಖ್ಯೋಪಾಧ್ಯಾಯರು ಉದ್ಘಾಟಿಸಿದರು.
48 ದಿನಗಳ ತರಬೇತಿ
ಸಮಿತಿಯ ನೇತೃತ್ವದಲ್ಲಿ ನಡೆದ ಶಿಬಿರದಲ್ಲಿ ಶಿಕ್ಷಕರು, ಪೋಷಕರು ಹಾಗೂ ವಿದ್ಯಾರ್ಥಿಗಳು ಪಾಲ್ಗೊಂಡರು. ಸಂಸ್ಥೆಯ ಬೆಂಬಲದೊಂದಿಗೆ ಯೋಗ ತರಬೇತಿ ಮುಂದುವರಿಯಲಿದೆ ಎಂದು ಸಂಘಟಕರು ತಿಳಿಸಿದರು.
